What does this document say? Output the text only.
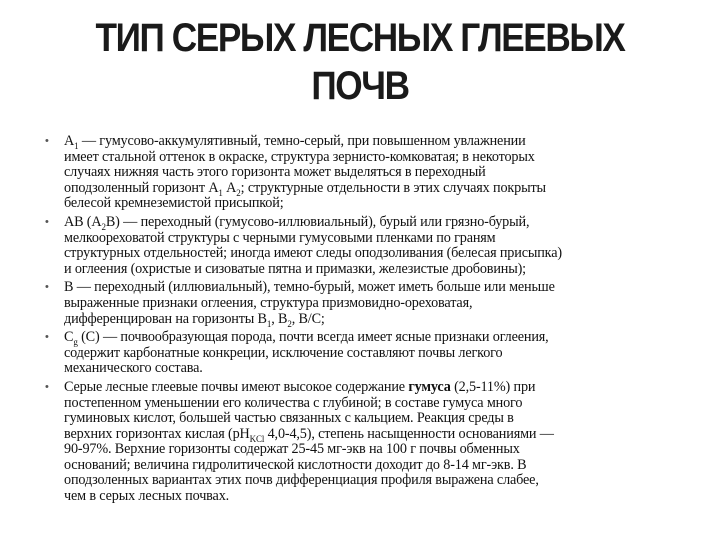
ТИП СЕРЫХ ЛЕСНЫХ ГЛЕЕВЫХ
ПОЧВ
• $А_1$ — гумусово-аккумулятивный, темно-серый, при повышенном увлажнении
имеет стальной оттенок в окраске, структура зернисто-комковатая; в некоторых
случаях нижняя часть этого горизонта может выделяться в переходный
оподзоленный горизонт $А_1$ $А_2$; структурные отдельности в этих случаях покрыты
белесой кремнеземистой присыпкой;
• АВ $(А_2В)$ — переходный (гумусово-иллювиальный), бурый или грязно-бурый,
мелкоореховатой структуры с черными гумусовыми пленками по граням
структурных отдельностей; иногда имеют следы оподзоливания (белесая присыпка)
и оглеения (охристые и сизоватые пятна и примазки, железистые дробовины);
• В — переходный (иллювиальный), темно-бурый, может иметь больше или меньше
выраженные признаки оглеения, структура призмовидно-ореховатая,
дифференцирован на горизонты $В_1$, $В_2$, В/С;
• $С_g$ (С) — почвообразующая порода, почти всегда имеет ясные признаки оглеения,
содержит карбонатные конкреции, исключение составляют почвы легкого
механического состава.
• Серые лесные глеевые почвы имеют высокое содержание гумуса (2,5-11%) при
постепенном уменьшении его количества с глубиной; в составе гумуса много
гуминовых кислот, большей частью связанных с кальцием. Реакция среды в
верхних горизонтах кислая ($рН_{KCl}$ 4,0-4,5), степень насыщенности основаниями —
90-97%. Верхние горизонты содержат 25-45 мг-экв на 100 г почвы обменных
оснований; величина гидролитической кислотности доходит до 8-14 мг-экв. В
оподзоленных вариантах этих почв дифференциация профиля выражена слабее,
чем в серых лесных почвах.
